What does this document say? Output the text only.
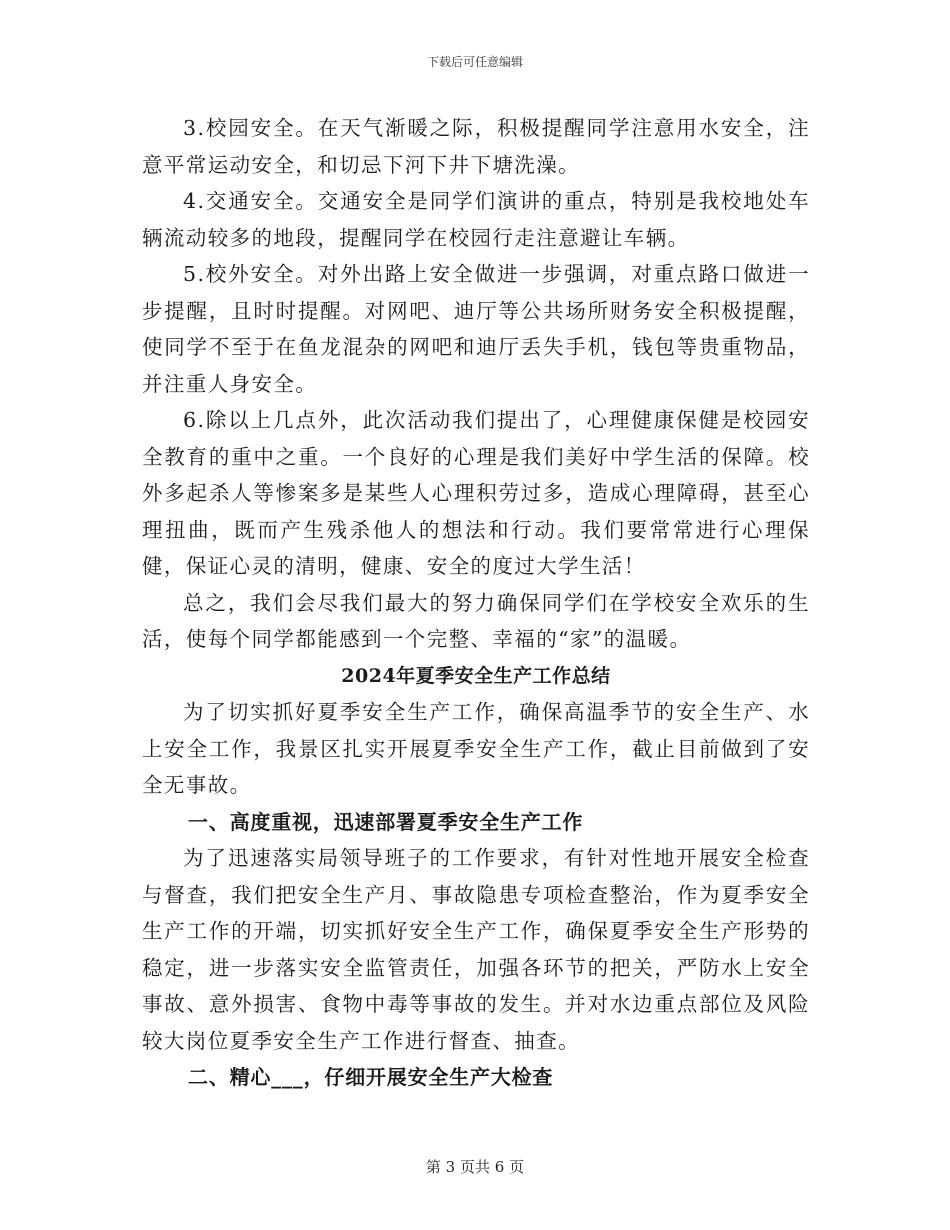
下载后可任意编辑

3.校园安全。在天气渐暖之际，积极提醒同学注意用水安全，注意平常运动安全，和切忌下河下井下塘洗澡。

4.交通安全。交通安全是同学们演讲的重点，特别是我校地处车辆流动较多的地段，提醒同学在校园行走注意避让车辆。

5.校外安全。对外出路上安全做进一步强调，对重点路口做进一步提醒，且时时提醒。对网吧、迪厅等公共场所财务安全积极提醒，使同学不至于在鱼龙混杂的网吧和迪厅丢失手机，钱包等贵重物品，并注重人身安全。

6.除以上几点外，此次活动我们提出了，心理健康保健是校园安全教育的重中之重。一个良好的心理是我们美好中学生活的保障。校外多起杀人等惨案多是某些人心理积劳过多，造成心理障碍，甚至心理扭曲，既而产生残杀他人的想法和行动。我们要常常进行心理保健，保证心灵的清明，健康、安全的度过大学生活！

总之，我们会尽我们最大的努力确保同学们在学校安全欢乐的生活，使每个同学都能感到一个完整、幸福的“家”的温暖。

2024年夏季安全生产工作总结

为了切实抓好夏季安全生产工作，确保高温季节的安全生产、水上安全工作，我景区扎实开展夏季安全生产工作，截止目前做到了安全无事故。

一、高度重视，迅速部署夏季安全生产工作

为了迅速落实局领导班子的工作要求，有针对性地开展安全检查与督查，我们把安全生产月、事故隐患专项检查整治，作为夏季安全生产工作的开端，切实抓好安全生产工作，确保夏季安全生产形势的稳定，进一步落实安全监管责任，加强各环节的把关，严防水上安全事故、意外损害、食物中毒等事故的发生。并对水边重点部位及风险较大岗位夏季安全生产工作进行督查、抽查。

二、精心___，仔细开展安全生产大检查

第 3 页共 6 页
